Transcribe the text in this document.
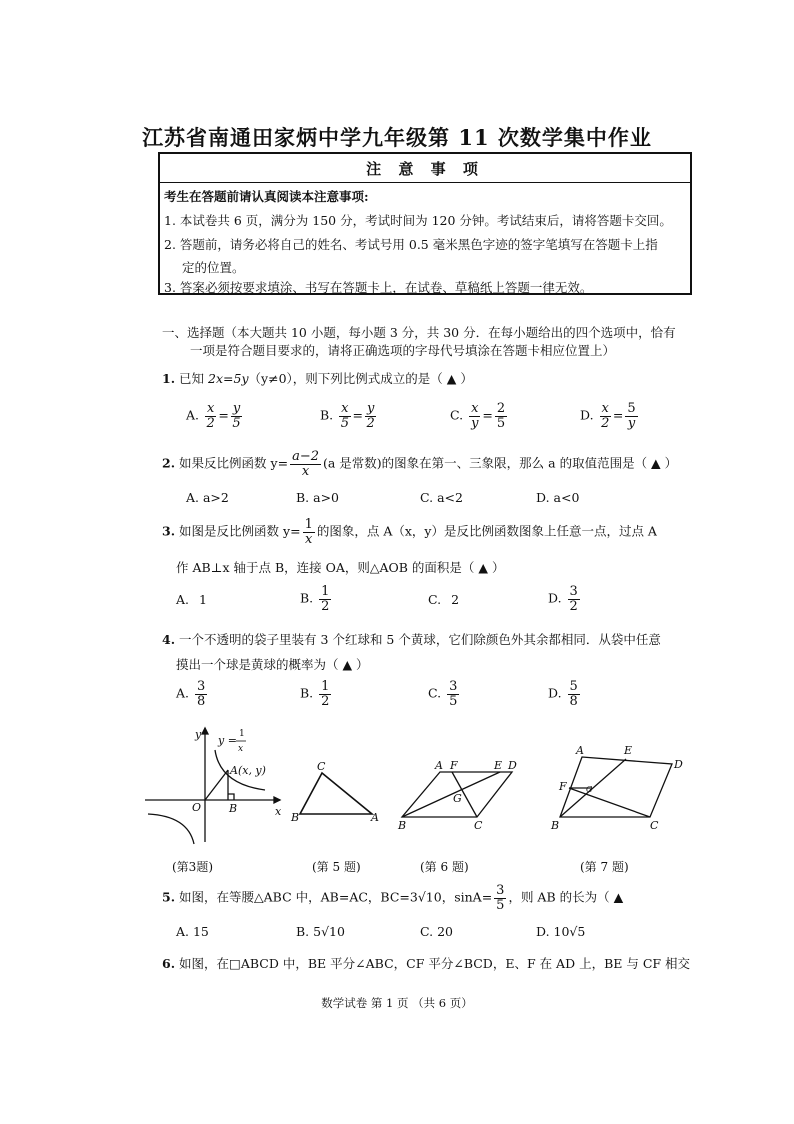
江苏省南通田家炳中学九年级第 11 次数学集中作业
注 意 事 项
考生在答题前请认真阅读本注意事项:
1. 本试卷共 6 页，满分为 150 分，考试时间为 120 分钟。考试结束后，请将答题卡交回。
2. 答题前，请务必将自己的姓名、考试号用 0.5 毫米黑色字迹的签字笔填写在答题卡上指
定的位置。
3. 答案必须按要求填涂、书写在答题卡上，在试卷、草稿纸上答题一律无效。
一、选择题（本大题共 10 小题，每小题 3 分，共 30 分．在每小题给出的四个选项中，恰有
一项是符合题目要求的，请将正确选项的字母代号填涂在答题卡相应位置上）
1. 已知 2x=5y（y≠0），则下列比例式成立的是（ ▲ ）
A. $\frac{x}{2} = \frac{y}{5}$	B. $\frac{x}{5} = \frac{y}{2}$	C. $\frac{x}{y} = \frac{2}{5}$	D. $\frac{x}{2} = \frac{5}{y}$
2. 如果反比例函数 $y= \frac{a-2}{x} (a$ 是常数)的图象在第一、三象限，那么 a 的取值范围是（ ▲ ）
A. a>2	B. a>0	C. a<2	D. a<0
3. 如图是反比例函数 $y= \frac{1}{x}$ 的图象，点 A（x，y）是反比例函数图象上任意一点，过点 A
作 AB⊥x 轴于点 B，连接 OA，则△AOB 的面积是（ ▲ ）
A. 1	B. $\frac{1}{2}$	C. 2	D. $\frac{3}{2}$
4. 一个不透明的袋子里装有 3 个红球和 5 个黄球，它们除颜色外其余都相同．从袋中任意
摸出一个球是黄球的概率为（ ▲ ）
A. $\frac{3}{8}$	B. $\frac{1}{2}$	C. $\frac{3}{5}$	D. $\frac{5}{8}$
y
x
O
A(x, y)
B
y = 1
x
C
B	A
A F	E D
G
B	C
A	E
D
F G
B	C
(第3题)	(第 5 题)	(第 6 题)	(第 7 题)
5. 如图，在等腰△ABC 中，AB=AC，BC=3√10，$\sin A= \frac{3}{5}$ ，则 AB 的长为（ ▲
A. 15	B. 5√10	C. 20	D. 10√5
6. 如图，在□ABCD 中，BE 平分∠ABC，CF 平分∠BCD，E、F 在 AD 上，BE 与 CF 相交
数学试卷 第 1 页 （共 6 页）
